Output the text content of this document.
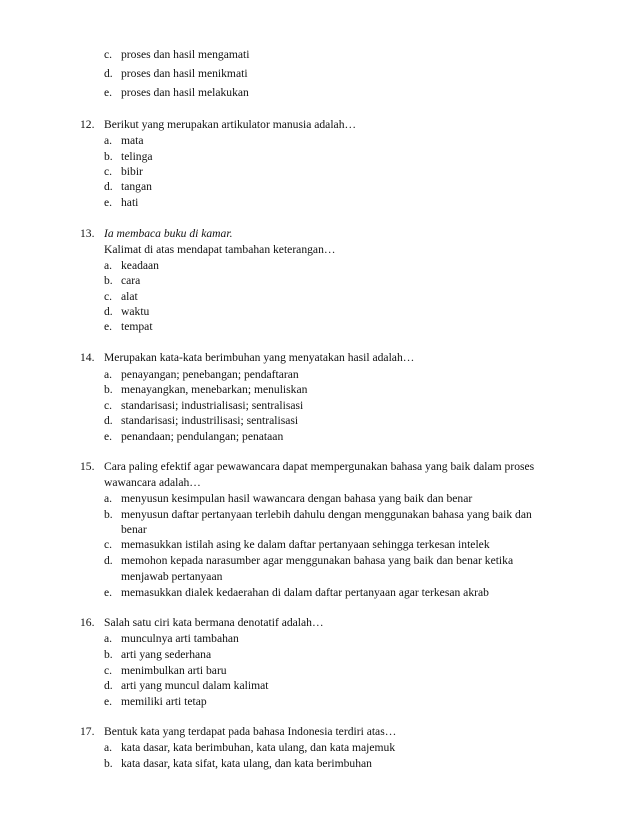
c. proses dan hasil mengamati
d. proses dan hasil menikmati
e. proses dan hasil melakukan
12. Berikut yang merupakan artikulator manusia adalah…
a. mata
b. telinga
c. bibir
d. tangan
e. hati
13. Ia membaca buku di kamar.
Kalimat di atas mendapat tambahan keterangan…
a. keadaan
b. cara
c. alat
d. waktu
e. tempat
14. Merupakan kata-kata berimbuhan yang menyatakan hasil adalah…
a. penayangan; penebangan; pendaftaran
b. menayangkan, menebarkan; menuliskan
c. standarisasi; industrialisasi; sentralisasi
d. standarisasi; industrilisasi; sentralisasi
e. penandaan; pendulangan; penataan
15. Cara paling efektif agar pewawancara dapat mempergunakan bahasa yang baik dalam proses
wawancara adalah…
a. menyusun kesimpulan hasil wawancara dengan bahasa yang baik dan benar
b. menyusun daftar pertanyaan terlebih dahulu dengan menggunakan bahasa yang baik dan
benar
c. memasukkan istilah asing ke dalam daftar pertanyaan sehingga terkesan intelek
d. memohon kepada narasumber agar menggunakan bahasa yang baik dan benar ketika
menjawab pertanyaan
e. memasukkan dialek kedaerahan di dalam daftar pertanyaan agar terkesan akrab
16. Salah satu ciri kata bermana denotatif adalah…
a. munculnya arti tambahan
b. arti yang sederhana
c. menimbulkan arti baru
d. arti yang muncul dalam kalimat
e. memiliki arti tetap
17. Bentuk kata yang terdapat pada bahasa Indonesia terdiri atas…
a. kata dasar, kata berimbuhan, kata ulang, dan kata majemuk
b. kata dasar, kata sifat, kata ulang, dan kata berimbuhan
